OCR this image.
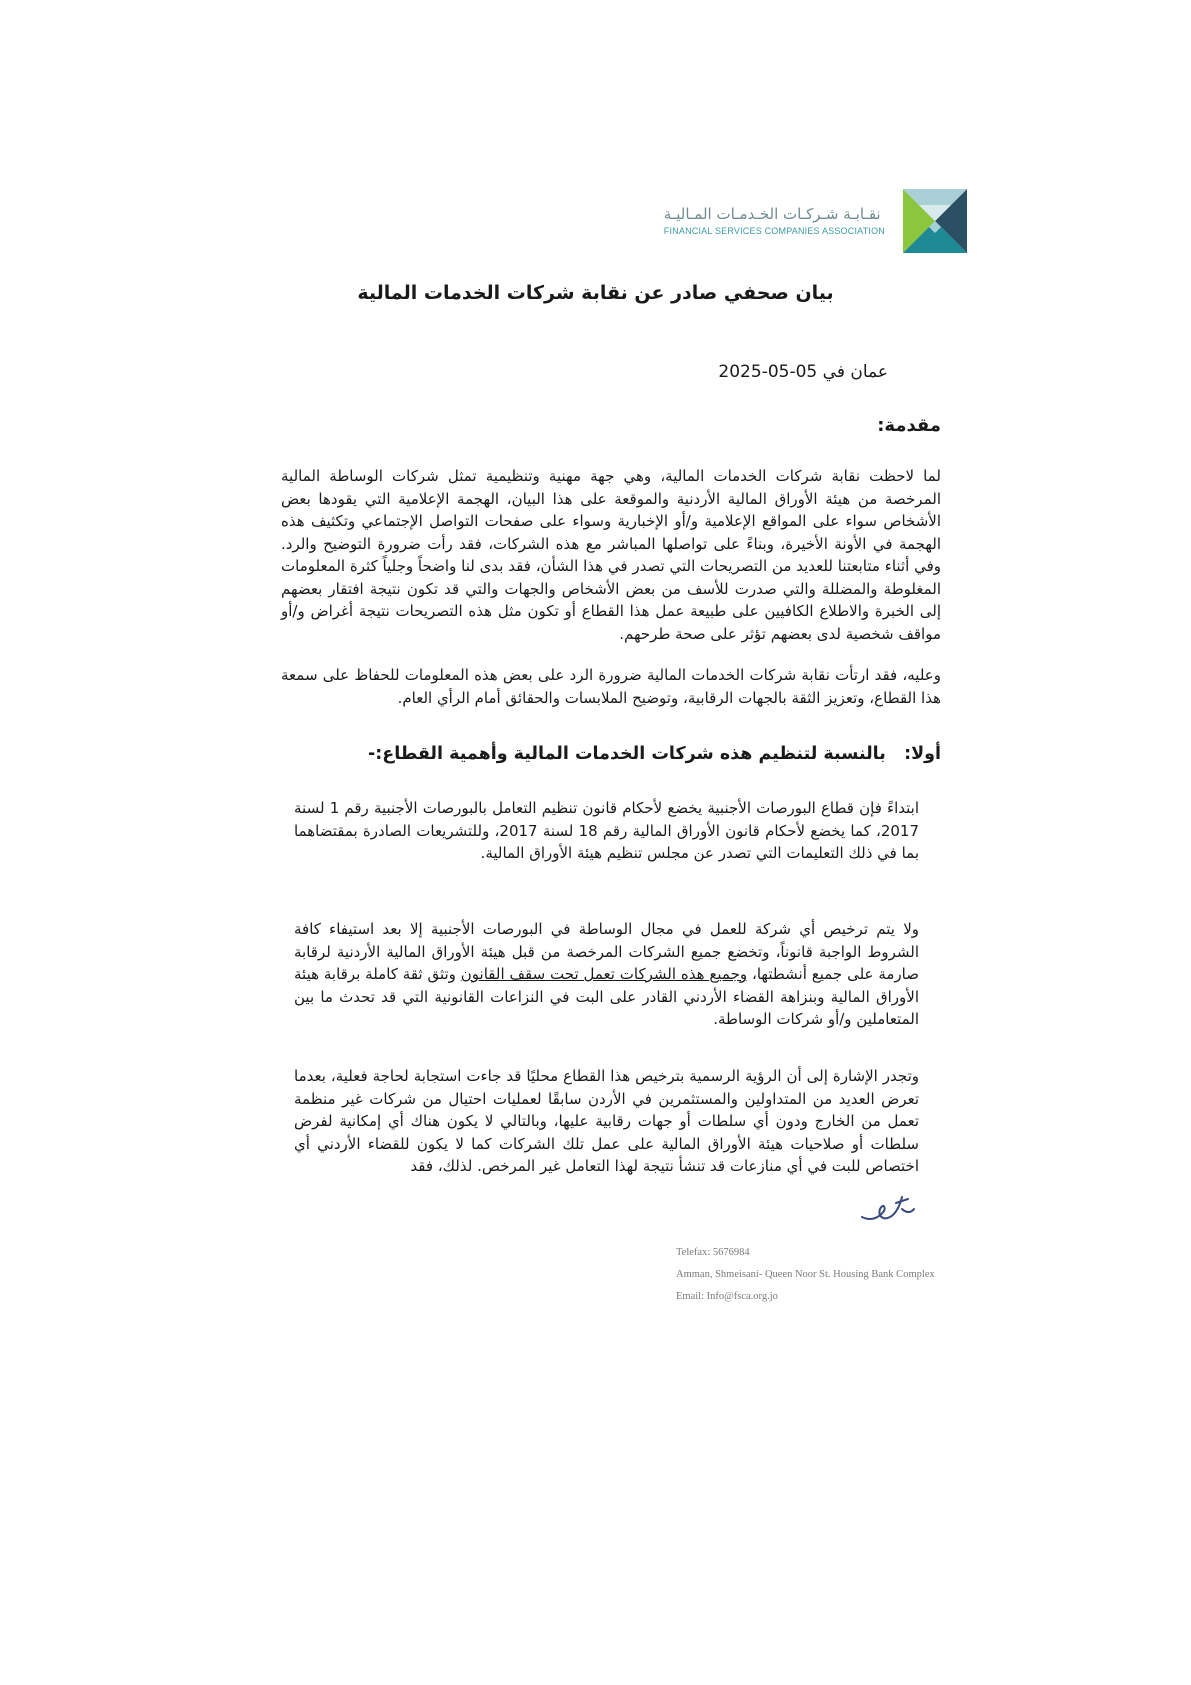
نقـابـة شـركـات الخـدمـات المـاليـة
FINANCIAL SERVICES COMPANIES ASSOCIATION
بيان صحفي صادر عن نقابة شركات الخدمات المالية
عمان في 05-05-2025
مقدمة:
لما لاحظت نقابة شركات الخدمات المالية، وهي جهة مهنية وتنظيمية تمثل شركات الوساطة المالية المرخصة من هيئة الأوراق المالية الأردنية والموقعة على هذا البيان، الهجمة الإعلامية التي يقودها بعض الأشخاص سواء على المواقع الإعلامية و/أو الإخبارية وسواء على صفحات التواصل الإجتماعي وتكثيف هذه الهجمة في الأونة الأخيرة، وبناءً على تواصلها المباشر مع هذه الشركات، فقد رأت ضرورة التوضيح والرد. وفي أثناء متابعتنا للعديد من التصريحات التي تصدر في هذا الشأن، فقد بدى لنا واضحاً وجلياً كثرة المعلومات المغلوطة والمضللة والتي صدرت للأسف من بعض الأشخاص والجهات والتي قد تكون نتيجة افتقار بعضهم إلى الخبرة والاطلاع الكافيين على طبيعة عمل هذا القطاع أو تكون مثل هذه التصريحات نتيجة أغراض و/أو مواقف شخصية لدى بعضهم تؤثر على صحة طرحهم.
وعليه، فقد ارتأت نقابة شركات الخدمات المالية ضرورة الرد على بعض هذه المعلومات للحفاظ على سمعة هذا القطاع، وتعزيز الثقة بالجهات الرقابية، وتوضيح الملابسات والحقائق أمام الرأي العام.
أولا:   بالنسبة لتنظيم هذه شركات الخدمات المالية وأهمية القطاع:-
ابتداءً فإن قطاع البورصات الأجنبية يخضع لأحكام قانون تنظيم التعامل بالبورصات الأجنبية رقم 1 لسنة 2017، كما يخضع لأحكام قانون الأوراق المالية رقم 18 لسنة 2017، وللتشريعات الصادرة بمقتضاهما بما في ذلك التعليمات التي تصدر عن مجلس تنظيم هيئة الأوراق المالية.
ولا يتم ترخيص أي شركة للعمل في مجال الوساطة في البورصات الأجنبية إلا بعد استيفاء كافة الشروط الواجبة قانوناً، وتخضع جميع الشركات المرخصة من قبل هيئة الأوراق المالية الأردنية لرقابة صارمة على جميع أنشطتها، وجميع هذه الشركات تعمل تحت سقف القانون وتثق ثقة كاملة برقابة هيئة الأوراق المالية وبنزاهة القضاء الأردني القادر على البت في النزاعات القانونية التي قد تحدث ما بين المتعاملين و/أو شركات الوساطة.
وتجدر الإشارة إلى أن الرؤية الرسمية بترخيص هذا القطاع محليًا قد جاءت استجابة لحاجة فعلية، بعدما تعرض العديد من المتداولين والمستثمرين في الأردن سابقًا لعمليات احتيال من شركات غير منظمة تعمل من الخارج ودون أي سلطات أو جهات رقابية عليها، وبالتالي لا يكون هناك أي إمكانية لفرض سلطات أو صلاحيات هيئة الأوراق المالية على عمل تلك الشركات كما لا يكون للقضاء الأردني أي اختصاص للبت في أي منازعات قد تنشأ نتيجة لهذا التعامل غير المرخص. لذلك، فقد
Telefax: 5676984
Amman, Shmeisani- Queen Noor St. Housing Bank Complex
Email: Info@fsca.org.jo
